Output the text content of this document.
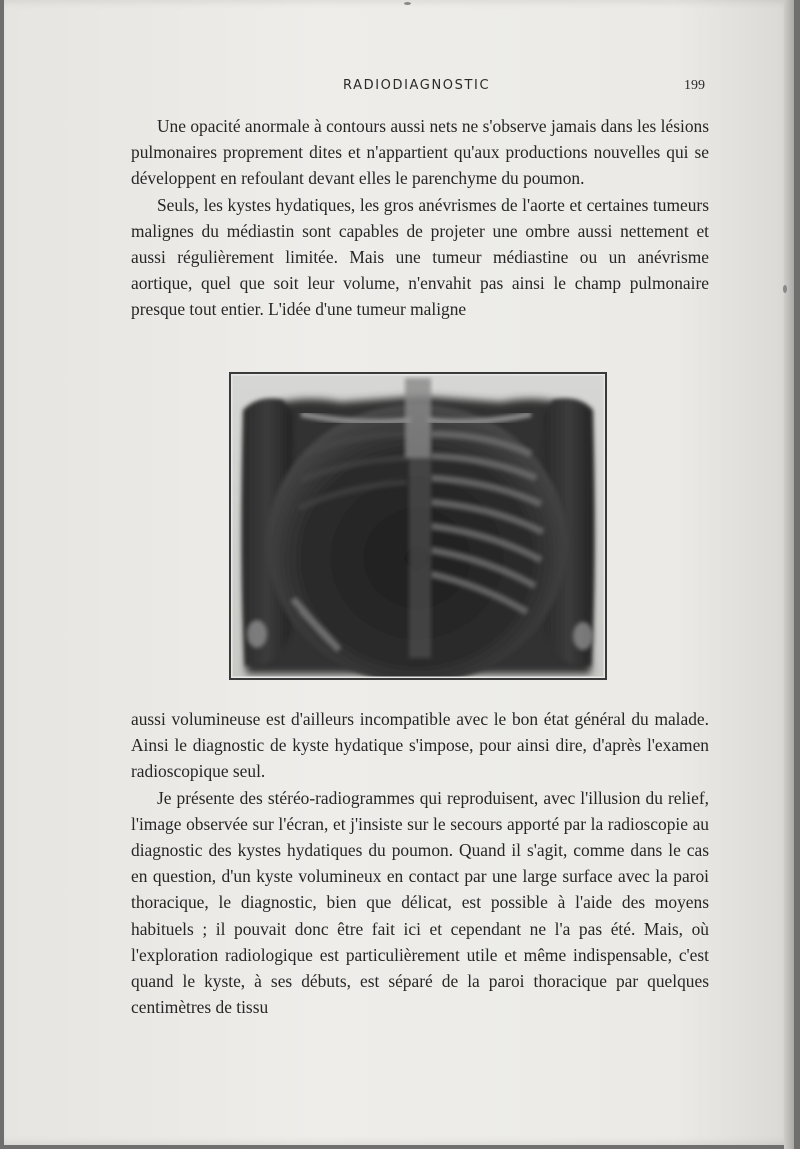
RADIODIAGNOSTIC	199

Une opacité anormale à contours aussi nets ne s'observe jamais dans les lésions pulmonaires proprement dites et n'appartient qu'aux productions nouvelles qui se développent en refoulant devant elles le parenchyme du poumon.

Seuls, les kystes hydatiques, les gros anévrismes de l'aorte et certaines tumeurs malignes du médiastin sont capables de projeter une ombre aussi nettement et aussi régulièrement limitée. Mais une tumeur médiastine ou un anévrisme aortique, quel que soit leur volume, n'envahit pas ainsi le champ pulmonaire presque tout entier. L'idée d'une tumeur maligne

aussi volumineuse est d'ailleurs incompatible avec le bon état général du malade. Ainsi le diagnostic de kyste hydatique s'impose, pour ainsi dire, d'après l'examen radioscopique seul.

Je présente des stéréo-radiogrammes qui reproduisent, avec l'illusion du relief, l'image observée sur l'écran, et j'insiste sur le secours apporté par la radioscopie au diagnostic des kystes hydatiques du poumon. Quand il s'agit, comme dans le cas en question, d'un kyste volumineux en contact par une large surface avec la paroi thoracique, le diagnostic, bien que délicat, est possible à l'aide des moyens habituels ; il pouvait donc être fait ici et cependant ne l'a pas été. Mais, où l'exploration radiologique est particulièrement utile et même indispensable, c'est quand le kyste, à ses débuts, est séparé de la paroi thoracique par quelques centimètres de tissu
